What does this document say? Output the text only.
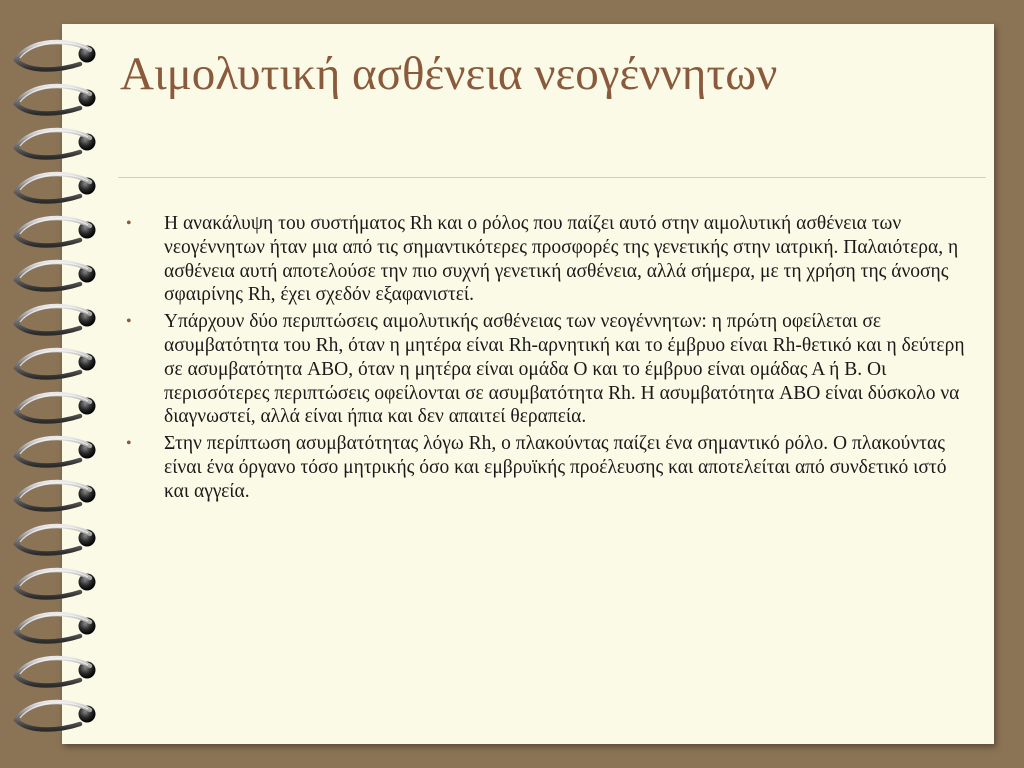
Αιμολυτική ασθένεια νεογέννητων
• Η ανακάλυψη του συστήματος Rh και ο ρόλος που παίζει αυτό στην αιμολυτική ασθένεια των νεογέννητων ήταν μια από τις σημαντικότερες προσφορές της γενετικής στην ιατρική. Παλαιότερα, η ασθένεια αυτή αποτελούσε την πιο συχνή γενετική ασθένεια, αλλά σήμερα, με τη χρήση της άνοσης σφαιρίνης Rh, έχει σχεδόν εξαφανιστεί.
• Υπάρχουν δύο περιπτώσεις αιμολυτικής ασθένειας των νεογέννητων: η πρώτη οφείλεται σε ασυμβατότητα του Rh, όταν η μητέρα είναι Rh-αρνητική και το έμβρυο είναι Rh-θετικό και η δεύτερη σε ασυμβατότητα ABO, όταν η μητέρα είναι ομάδα Ο και το έμβρυο είναι ομάδας Α ή Β. Οι περισσότερες περιπτώσεις οφείλονται σε ασυμβατότητα Rh. Η ασυμβατότητα ABO είναι δύσκολο να διαγνωστεί, αλλά είναι ήπια και δεν απαιτεί θεραπεία.
• Στην περίπτωση ασυμβατότητας λόγω Rh, ο πλακούντας παίζει ένα σημαντικό ρόλο. Ο πλακούντας είναι ένα όργανο τόσο μητρικής όσο και εμβρυϊκής προέλευσης και αποτελείται από συνδετικό ιστό και αγγεία.
